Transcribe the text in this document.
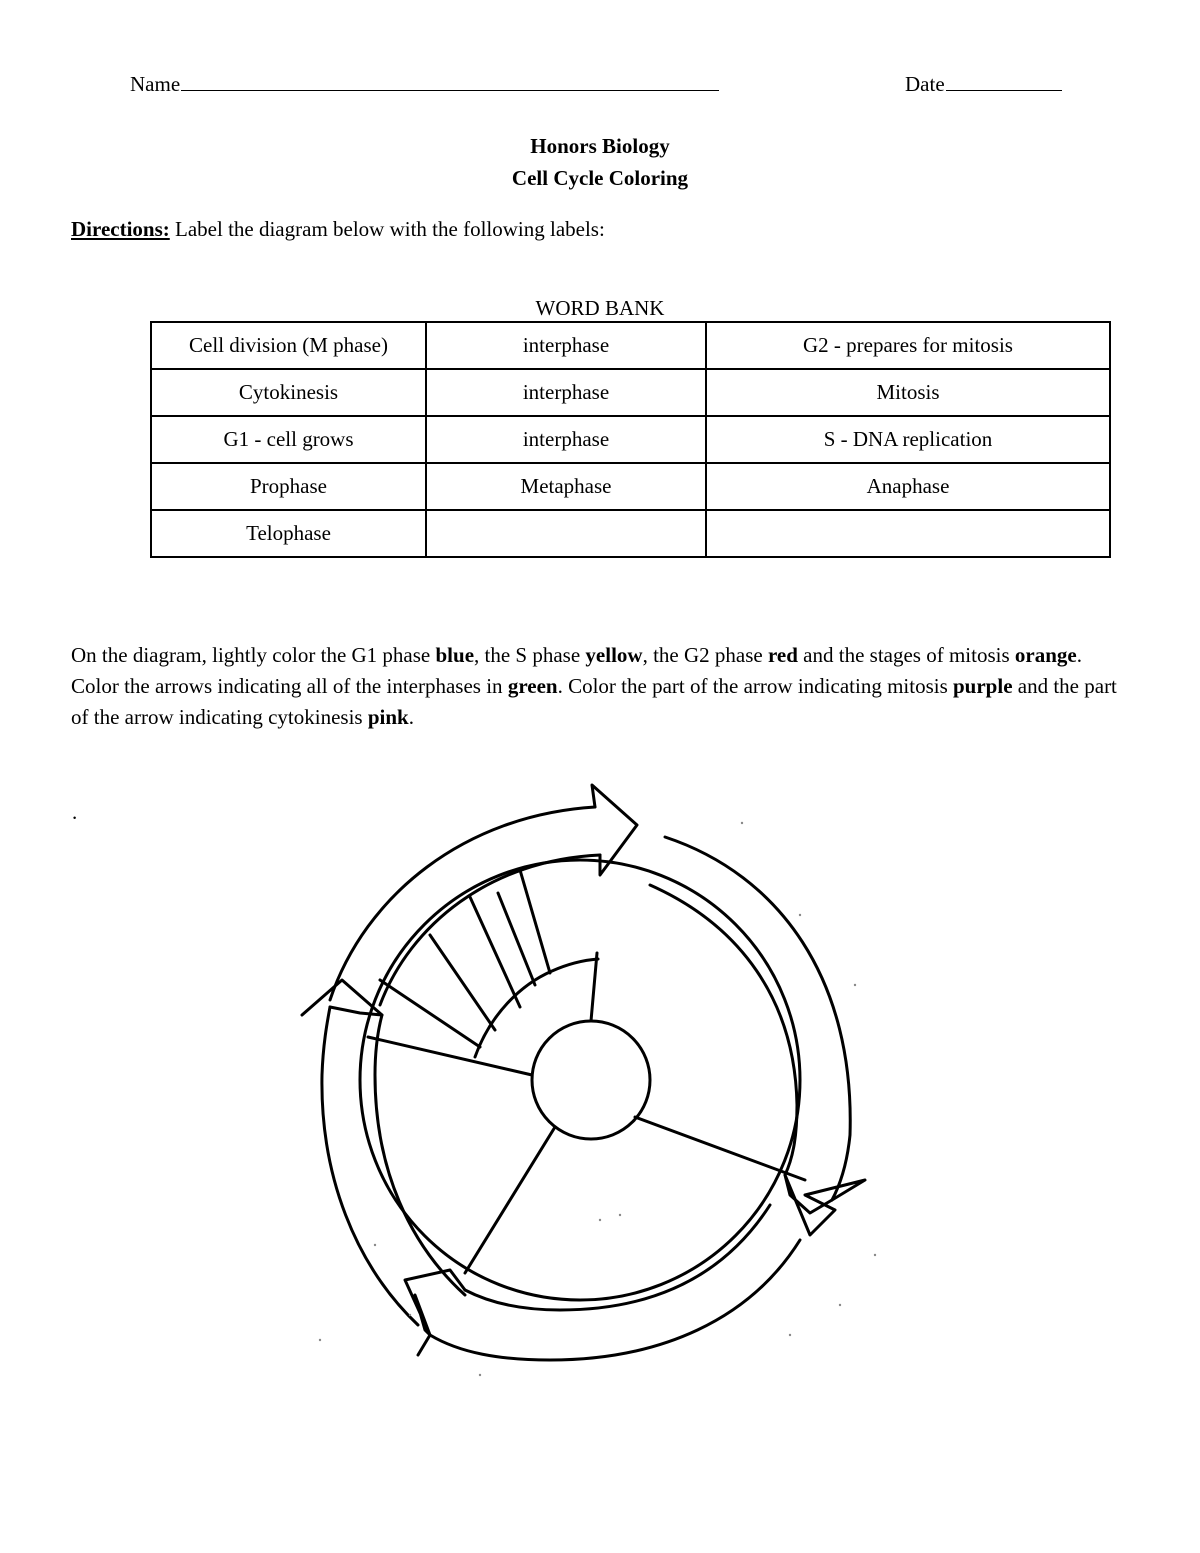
Name	Date
Honors Biology
Cell Cycle Coloring
Directions: Label the diagram below with the following labels:
WORD BANK
Cell division (M phase)	interphase	G2 - prepares for mitosis
Cytokinesis	interphase	Mitosis
G1 - cell grows	interphase	S - DNA replication
Prophase	Metaphase	Anaphase
Telophase		
On the diagram, lightly color the G1 phase blue, the S phase yellow, the G2 phase red and the stages of mitosis orange. Color the arrows indicating all of the interphases in green. Color the part of the arrow indicating mitosis purple and the part of the arrow indicating cytokinesis pink.
.
